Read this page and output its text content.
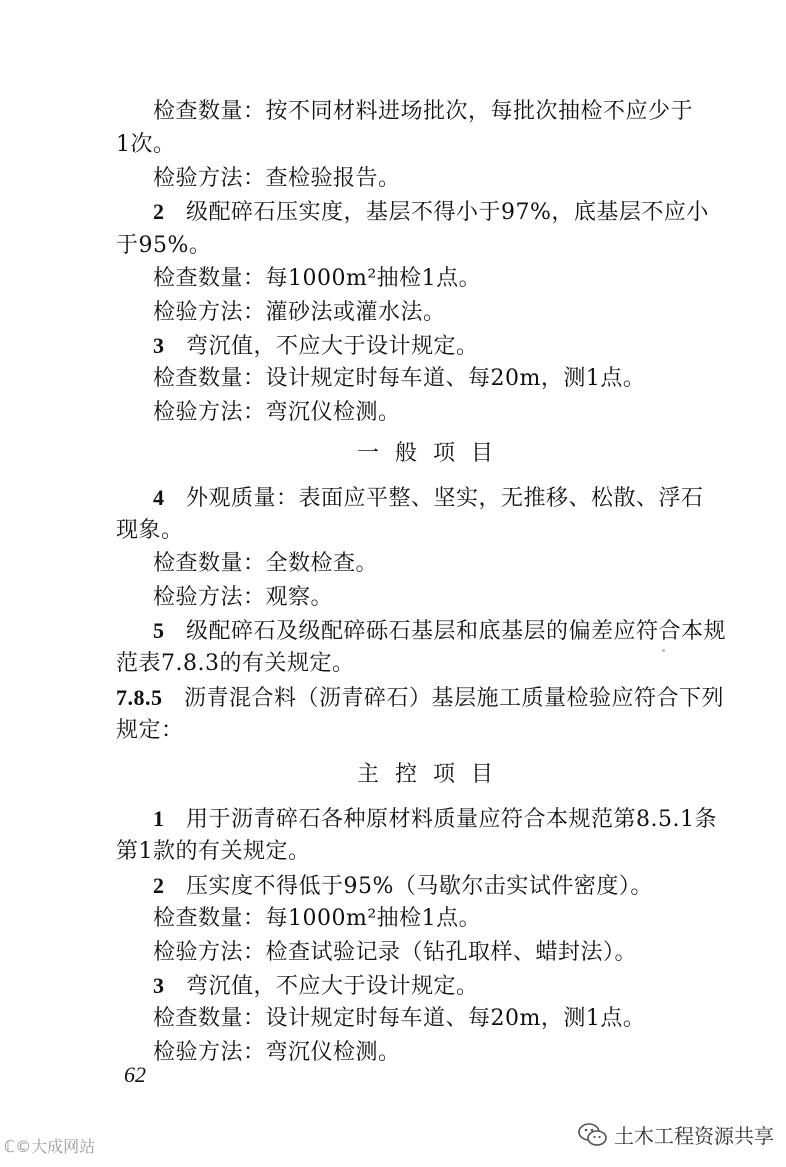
检查数量：按不同材料进场批次，每批次抽检不应少于
1次。
检验方法：查检验报告。
2 级配碎石压实度，基层不得小于97%，底基层不应小
于95%。
检查数量：每1000m²抽检1点。
检验方法：灌砂法或灌水法。
3 弯沉值，不应大于设计规定。
检查数量：设计规定时每车道、每20m，测1点。
检验方法：弯沉仪检测。
一般项目
4 外观质量：表面应平整、坚实，无推移、松散、浮石
现象。
检查数量：全数检查。
检验方法：观察。
5 级配碎石及级配碎砾石基层和底基层的偏差应符合本规
范表7.8.3的有关规定。
7.8.5 沥青混合料（沥青碎石）基层施工质量检验应符合下列
规定：
主控项目
1 用于沥青碎石各种原材料质量应符合本规范第8.5.1条
第1款的有关规定。
2 压实度不得低于95%（马歇尔击实试件密度）。
检查数量：每1000m²抽检1点。
检验方法：检查试验记录（钻孔取样、蜡封法）。
3 弯沉值，不应大于设计规定。
检查数量：设计规定时每车道、每20m，测1点。
检验方法：弯沉仪检测。
62
ℂ©大成网站	土木工程资源共享
